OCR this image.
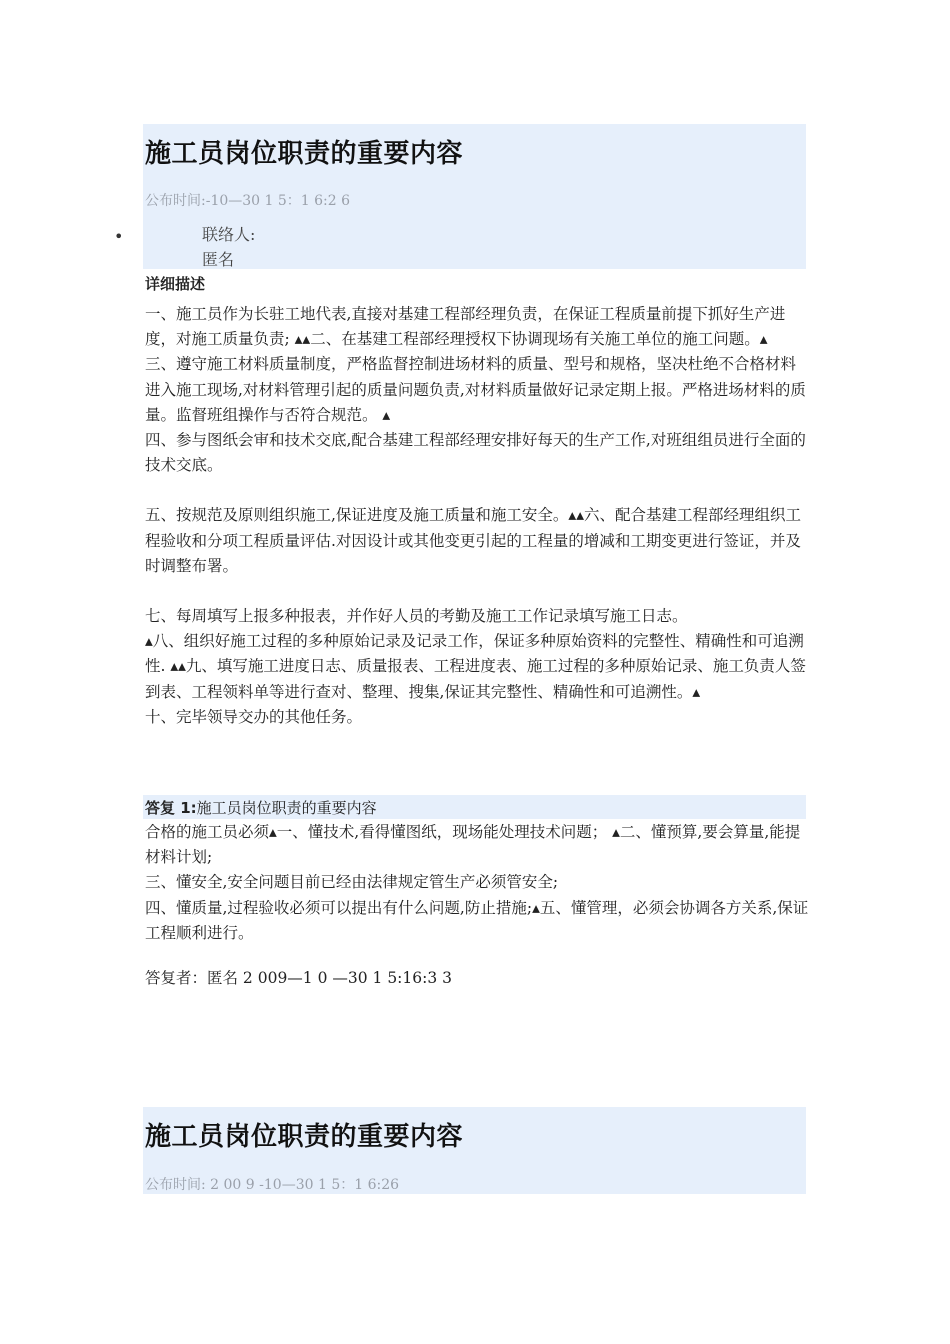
施工员岗位职责的重要内容
公布时间:-10—30 1 5：1 6:2 6
•	联络人:
匿名
详细描述

一、施工员作为长驻工地代表,直接对基建工程部经理负责，在保证工程质量前提下抓好生产进度，对施工质量负责; ▴▴二、在基建工程部经理授权下协调现场有关施工单位的施工问题。▴

三、遵守施工材料质量制度，严格监督控制进场材料的质量、型号和规格，坚决杜绝不合格材料进入施工现场,对材料管理引起的质量问题负责,对材料质量做好记录定期上报。严格进场材料的质量。监督班组操作与否符合规范。 ▴

四、参与图纸会审和技术交底,配合基建工程部经理安排好每天的生产工作,对班组组员进行全面的技术交底。

五、按规范及原则组织施工,保证进度及施工质量和施工安全。▴▴六、配合基建工程部经理组织工程验收和分项工程质量评估.对因设计或其他变更引起的工程量的增减和工期变更进行签证，并及时调整布署。

七、每周填写上报多种报表，并作好人员的考勤及施工工作记录填写施工日志。

▴八、组织好施工过程的多种原始记录及记录工作，保证多种原始资料的完整性、精确性和可追溯性. ▴▴九、填写施工进度日志、质量报表、工程进度表、施工过程的多种原始记录、施工负责人签到表、工程领料单等进行查对、整理、搜集,保证其完整性、精确性和可追溯性。▴

十、完毕领导交办的其他任务。

答复 1:施工员岗位职责的重要内容

合格的施工员必须▴一、懂技术,看得懂图纸，现场能处理技术问题； ▴二、懂预算,要会算量,能提材料计划;

三、懂安全,安全问题目前已经由法律规定管生产必须管安全;

四、懂质量,过程验收必须可以提出有什么问题,防止措施;▴五、懂管理，必须会协调各方关系,保证工程顺利进行。

答复者：匿名 2 009—1 0 —30 1 5:16:3 3
施工员岗位职责的重要内容
公布时间: 2 00 9 -10—30 1 5：1 6:26
